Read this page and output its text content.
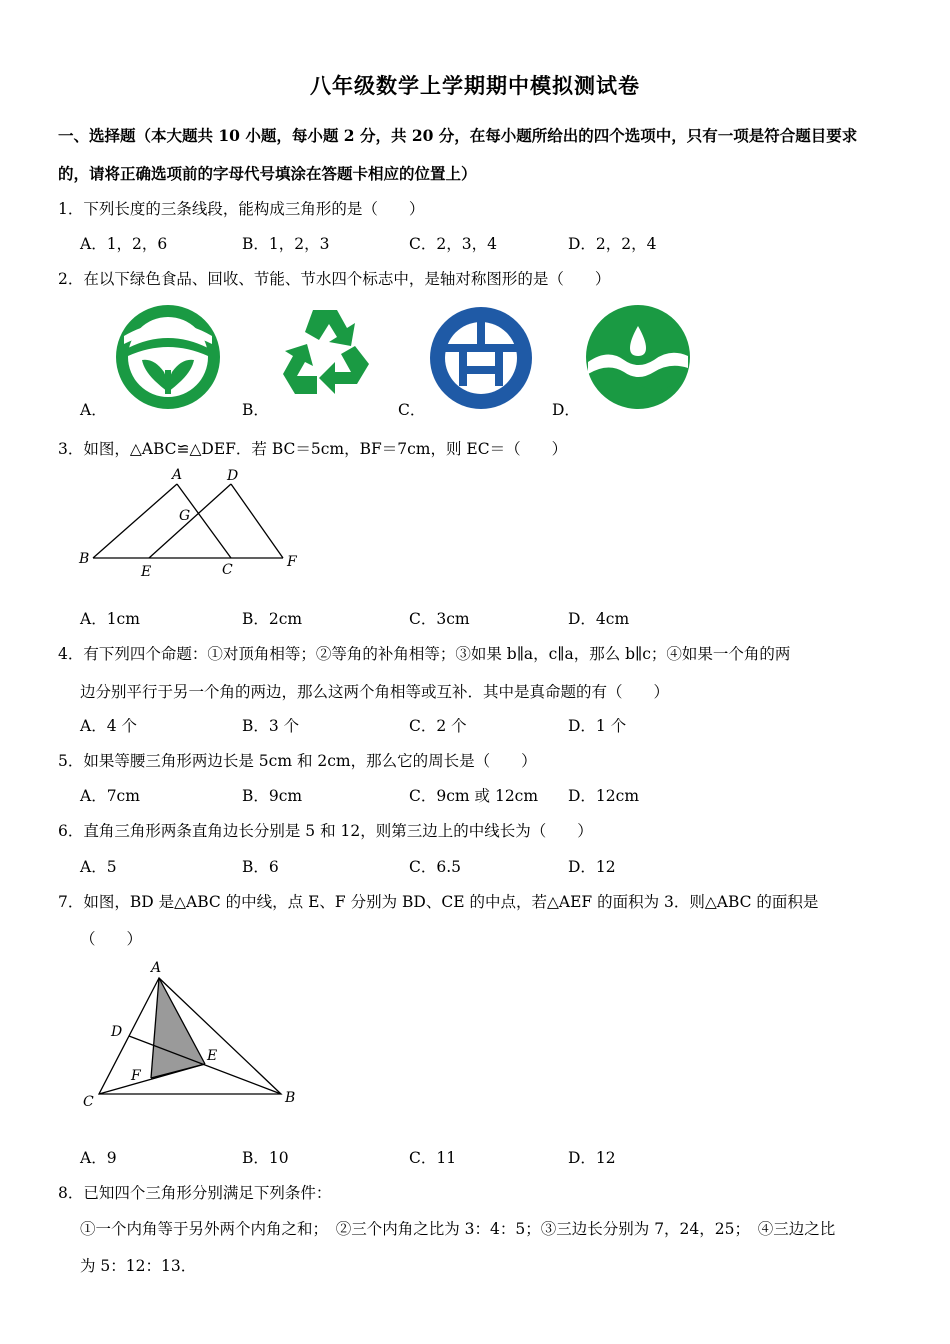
八年级数学上学期期中模拟测试卷
一、选择题（本大题共 10 小题，每小题 2 分，共 20 分，在每小题所给出的四个选项中，只有一项是符合题目要求
的，请将正确选项前的字母代号填涂在答题卡相应的位置上）
1．下列长度的三条线段，能构成三角形的是（　　）
A．1，2，6	B．1，2，3	C．2，3，4	D．2，2，4
2．在以下绿色食品、回收、节能、节水四个标志中，是轴对称图形的是（　　）
A．	B．	C．	D．
3．如图，△ABC≌△DEF．若 BC＝5cm，BF＝7cm，则 EC＝（　　）
A	D
G
B
E	C	F
A．1cm	B．2cm	C．3cm	D．4cm
4．有下列四个命题：①对顶角相等；②等角的补角相等；③如果 b∥a，c∥a，那么 b∥c；④如果一个角的两
边分别平行于另一个角的两边，那么这两个角相等或互补．其中是真命题的有（　　）
A．4 个	B．3 个	C．2 个	D．1 个
5．如果等腰三角形两边长是 5cm 和 2cm，那么它的周长是（　　）
A．7cm	B．9cm	C．9cm 或 12cm D．12cm
6．直角三角形两条直角边长分别是 5 和 12，则第三边上的中线长为（　　）
A．5	B．6	C．6.5	D．12
7．如图，BD 是△ABC 的中线，点 E、F 分别为 BD、CE 的中点，若△AEF 的面积为 3．则△ABC 的面积是
（　　）
A
D
E
F
C	B
A．9	B．10	C．11	D．12
8．已知四个三角形分别满足下列条件：
①一个内角等于另外两个内角之和；　②三个内角之比为 3：4：5；③三边长分别为 7，24，25；　④三边之比
为 5：12：13．
